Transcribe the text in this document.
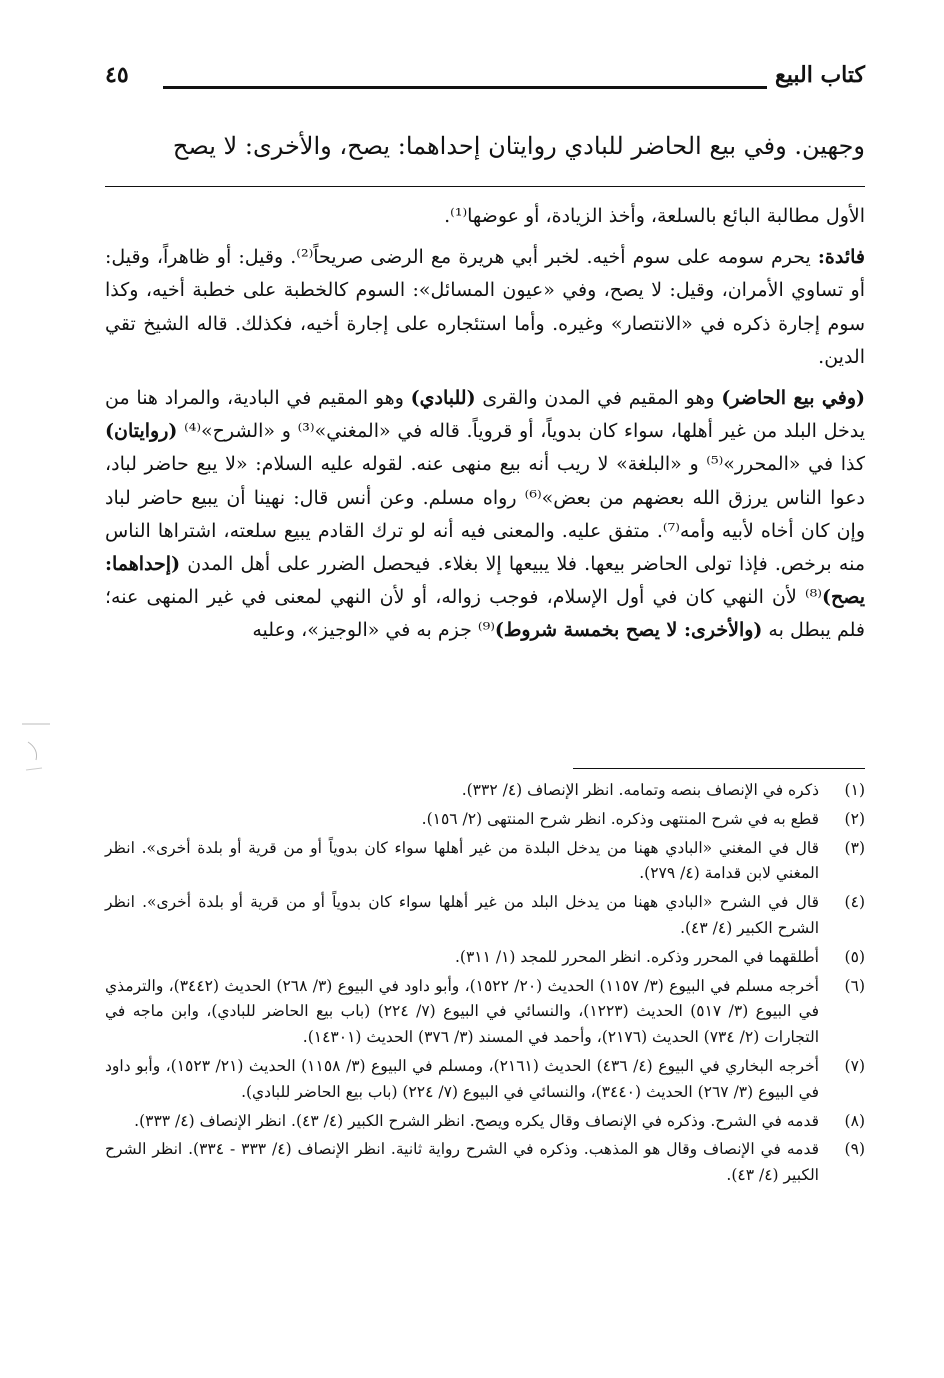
كتاب البيع
٤٥
وجهين. وفي بيع الحاضر للبادي روايتان إحداهما: يصح، والأخرى: لا يصح

الأول مطالبة البائع بالسلعة، وأخذ الزيادة، أو عوضها⁽¹⁾.

فائدة: يحرم سومه على سوم أخيه. لخبر أبي هريرة مع الرضى صريحاً⁽²⁾. وقيل: أو ظاهراً، وقيل: أو تساوي الأمران، وقيل: لا يصح، وفي «عيون المسائل»: السوم كالخطبة على خطبة أخيه، وكذا سوم إجارة ذكره في «الانتصار» وغيره. وأما استئجاره على إجارة أخيه، فكذلك. قاله الشيخ تقي الدين.

(وفي بيع الحاضر) وهو المقيم في المدن والقرى (للبادي) وهو المقيم في البادية، والمراد هنا من يدخل البلد من غير أهلها، سواء كان بدوياً، أو قروياً. قاله في «المغني»⁽³⁾ و «الشرح»⁽⁴⁾ (روايتان) كذا في «المحرر»⁽⁵⁾ و «البلغة» لا ريب أنه بيع منهى عنه. لقوله عليه السلام: «لا يبع حاضر لباد، دعوا الناس يرزق الله بعضهم من بعض»⁽⁶⁾ رواه مسلم. وعن أنس قال: نهينا أن يبيع حاضر لباد وإن كان أخاه لأبيه وأمه⁽⁷⁾. متفق عليه. والمعنى فيه أنه لو ترك القادم يبيع سلعته، اشتراها الناس منه برخص. فإذا تولى الحاضر بيعها. فلا يبيعها إلا بغلاء. فيحصل الضرر على أهل المدن (إحداهما: يصح)⁽⁸⁾ لأن النهي كان في أول الإسلام، فوجب زواله، أو لأن النهي لمعنى في غير المنهى عنه؛ فلم يبطل به (والأخرى: لا يصح بخمسة شروط)⁽⁹⁾ جزم به في «الوجيز»، وعليه

(١)
ذكره في الإنصاف بنصه وتمامه. انظر الإنصاف (٤/ ٣٣٢).
(٢)
قطع به في شرح المنتهى وذكره. انظر شرح المنتهى (٢/ ١٥٦).
(٣)
قال في المغني «البادي ههنا من يدخل البلدة من غير أهلها سواء كان بدوياً أو من قرية أو بلدة أخرى». انظر المغني لابن قدامة (٤/ ٢٧٩).
(٤)
قال في الشرح «البادي ههنا من يدخل البلد من غير أهلها سواء كان بدوياً أو من قرية أو بلدة أخرى». انظر الشرح الكبير (٤/ ٤٣).
(٥)
أطلقهما في المحرر وذكره. انظر المحرر للمجد (١/ ٣١١).
(٦)
أخرجه مسلم في البيوع (٣/ ١١٥٧) الحديث (٢٠/ ١٥٢٢)، وأبو داود في البيوع (٣/ ٢٦٨) الحديث (٣٤٤٢)، والترمذي في البيوع (٣/ ٥١٧) الحديث (١٢٢٣)، والنسائي في البيوع (٧/ ٢٢٤) (باب بيع الحاضر للبادي)، وابن ماجه في التجارات (٢/ ٧٣٤) الحديث (٢١٧٦)، وأحمد في المسند (٣/ ٣٧٦) الحديث (١٤٣٠١).
(٧)
أخرجه البخاري في البيوع (٤/ ٤٣٦) الحديث (٢١٦١)، ومسلم في البيوع (٣/ ١١٥٨) الحديث (٢١/ ١٥٢٣)، وأبو داود في البيوع (٣/ ٢٦٧) الحديث (٣٤٤٠)، والنسائي في البيوع (٧/ ٢٢٤) (باب بيع الحاضر للبادي).
(٨)
قدمه في الشرح. وذكره في الإنصاف وقال يكره ويصح. انظر الشرح الكبير (٤/ ٤٣). انظر الإنصاف (٤/ ٣٣٣).
(٩)
قدمه في الإنصاف وقال هو المذهب. وذكره في الشرح رواية ثانية. انظر الإنصاف (٤/ ٣٣٣ - ٣٣٤). انظر الشرح الكبير (٤/ ٤٣).
